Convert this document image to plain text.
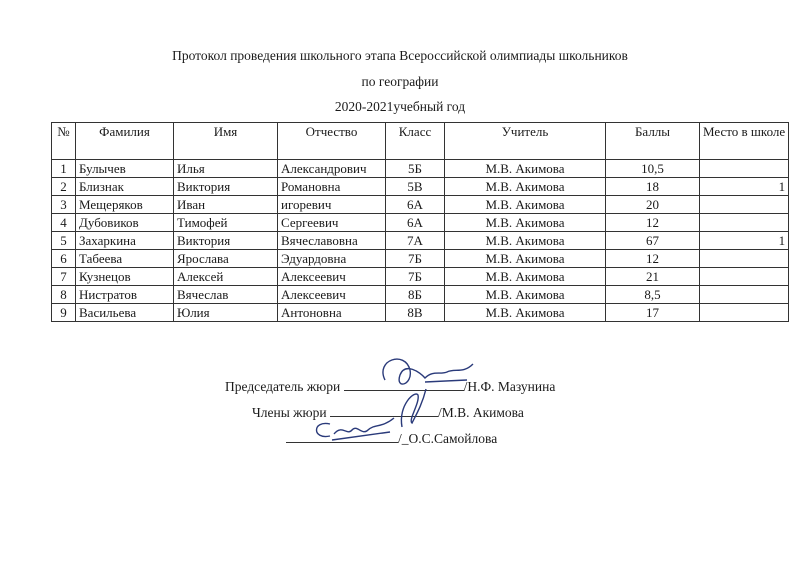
Протокол проведения школьного этапа Всероссийской олимпиады школьников
по географии
2020-2021учебный год
№	Фамилия	Имя	Отчество	Класс	Учитель	Баллы	Место в школе
1	Булычев	Илья	Александрович	5Б	М.В. Акимова	10,5	
2	Близнак	Виктория	Романовна	5В	М.В. Акимова	18	1
3	Мещеряков	Иван	игоревич	6А	М.В. Акимова	20	
4	Дубовиков	Тимофей	Сергеевич	6А	М.В. Акимова	12	
5	Захаркина	Виктория	Вячеславовна	7А	М.В. Акимова	67	1
6	Табеева	Ярослава	Эдуардовна	7Б	М.В. Акимова	12	
7	Кузнецов	Алексей	Алексеевич	7Б	М.В. Акимова	21	
8	Нистратов	Вячеслав	Алексеевич	8Б	М.В. Акимова	8,5	
9	Васильева	Юлия	Антоновна	8В	М.В. Акимова	17	
Председатель жюри	/Н.Ф. Мазунина
Члены жюри	/М.В. Акимова
/_О.С.Самойлова
